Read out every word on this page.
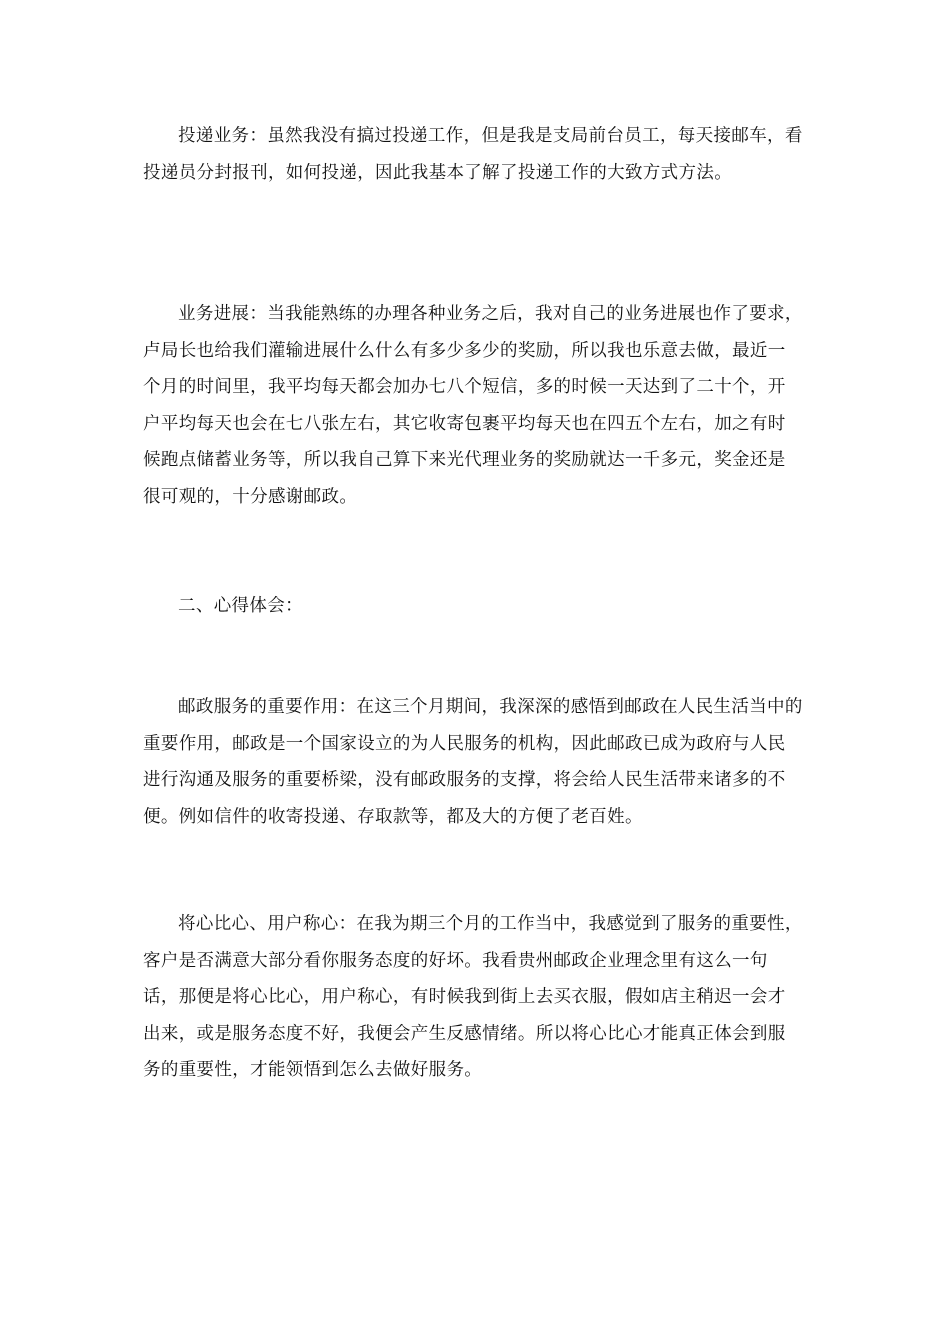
投递业务：虽然我没有搞过投递工作，但是我是支局前台员工，每天接邮车，看投递员分封报刊，如何投递，因此我基本了解了投递工作的大致方式方法。

业务进展：当我能熟练的办理各种业务之后，我对自己的业务进展也作了要求，卢局长也给我们灌输进展什么什么有多少多少的奖励，所以我也乐意去做，最近一个月的时间里，我平均每天都会加办七八个短信，多的时候一天达到了二十个，开户平均每天也会在七八张左右，其它收寄包裹平均每天也在四五个左右，加之有时候跑点储蓄业务等，所以我自己算下来光代理业务的奖励就达一千多元，奖金还是很可观的，十分感谢邮政。

二、心得体会：

邮政服务的重要作用：在这三个月期间，我深深的感悟到邮政在人民生活当中的重要作用，邮政是一个国家设立的为人民服务的机构，因此邮政已成为政府与人民进行沟通及服务的重要桥梁，没有邮政服务的支撑，将会给人民生活带来诸多的不便。例如信件的收寄投递、存取款等，都及大的方便了老百姓。

将心比心、用户称心：在我为期三个月的工作当中，我感觉到了服务的重要性，客户是否满意大部分看你服务态度的好坏。我看贵州邮政企业理念里有这么一句话，那便是将心比心，用户称心，有时候我到街上去买衣服，假如店主稍迟一会才出来，或是服务态度不好，我便会产生反感情绪。所以将心比心才能真正体会到服务的重要性，才能领悟到怎么去做好服务。
